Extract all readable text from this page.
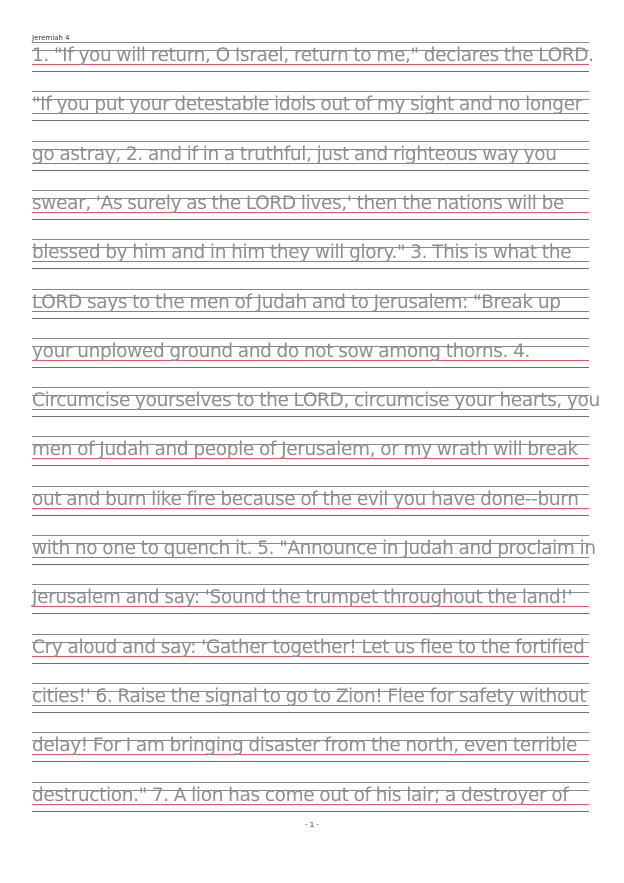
Jeremiah 4
1. "If you will return, O Israel, return to me," declares the LORD.
"If you put your detestable idols out of my sight and no longer
go astray, 2. and if in a truthful, just and righteous way you
swear, 'As surely as the LORD lives,' then the nations will be
blessed by him and in him they will glory." 3. This is what the
LORD says to the men of Judah and to Jerusalem: "Break up
your unplowed ground and do not sow among thorns. 4.
Circumcise yourselves to the LORD, circumcise your hearts, you
men of Judah and people of Jerusalem, or my wrath will break
out and burn like fire because of the evil you have done--burn
with no one to quench it. 5. "Announce in Judah and proclaim in
Jerusalem and say: 'Sound the trumpet throughout the land!'
Cry aloud and say: 'Gather together! Let us flee to the fortified
cities!' 6. Raise the signal to go to Zion! Flee for safety without
delay! For I am bringing disaster from the north, even terrible
destruction." 7. A lion has come out of his lair; a destroyer of
- 1 -
